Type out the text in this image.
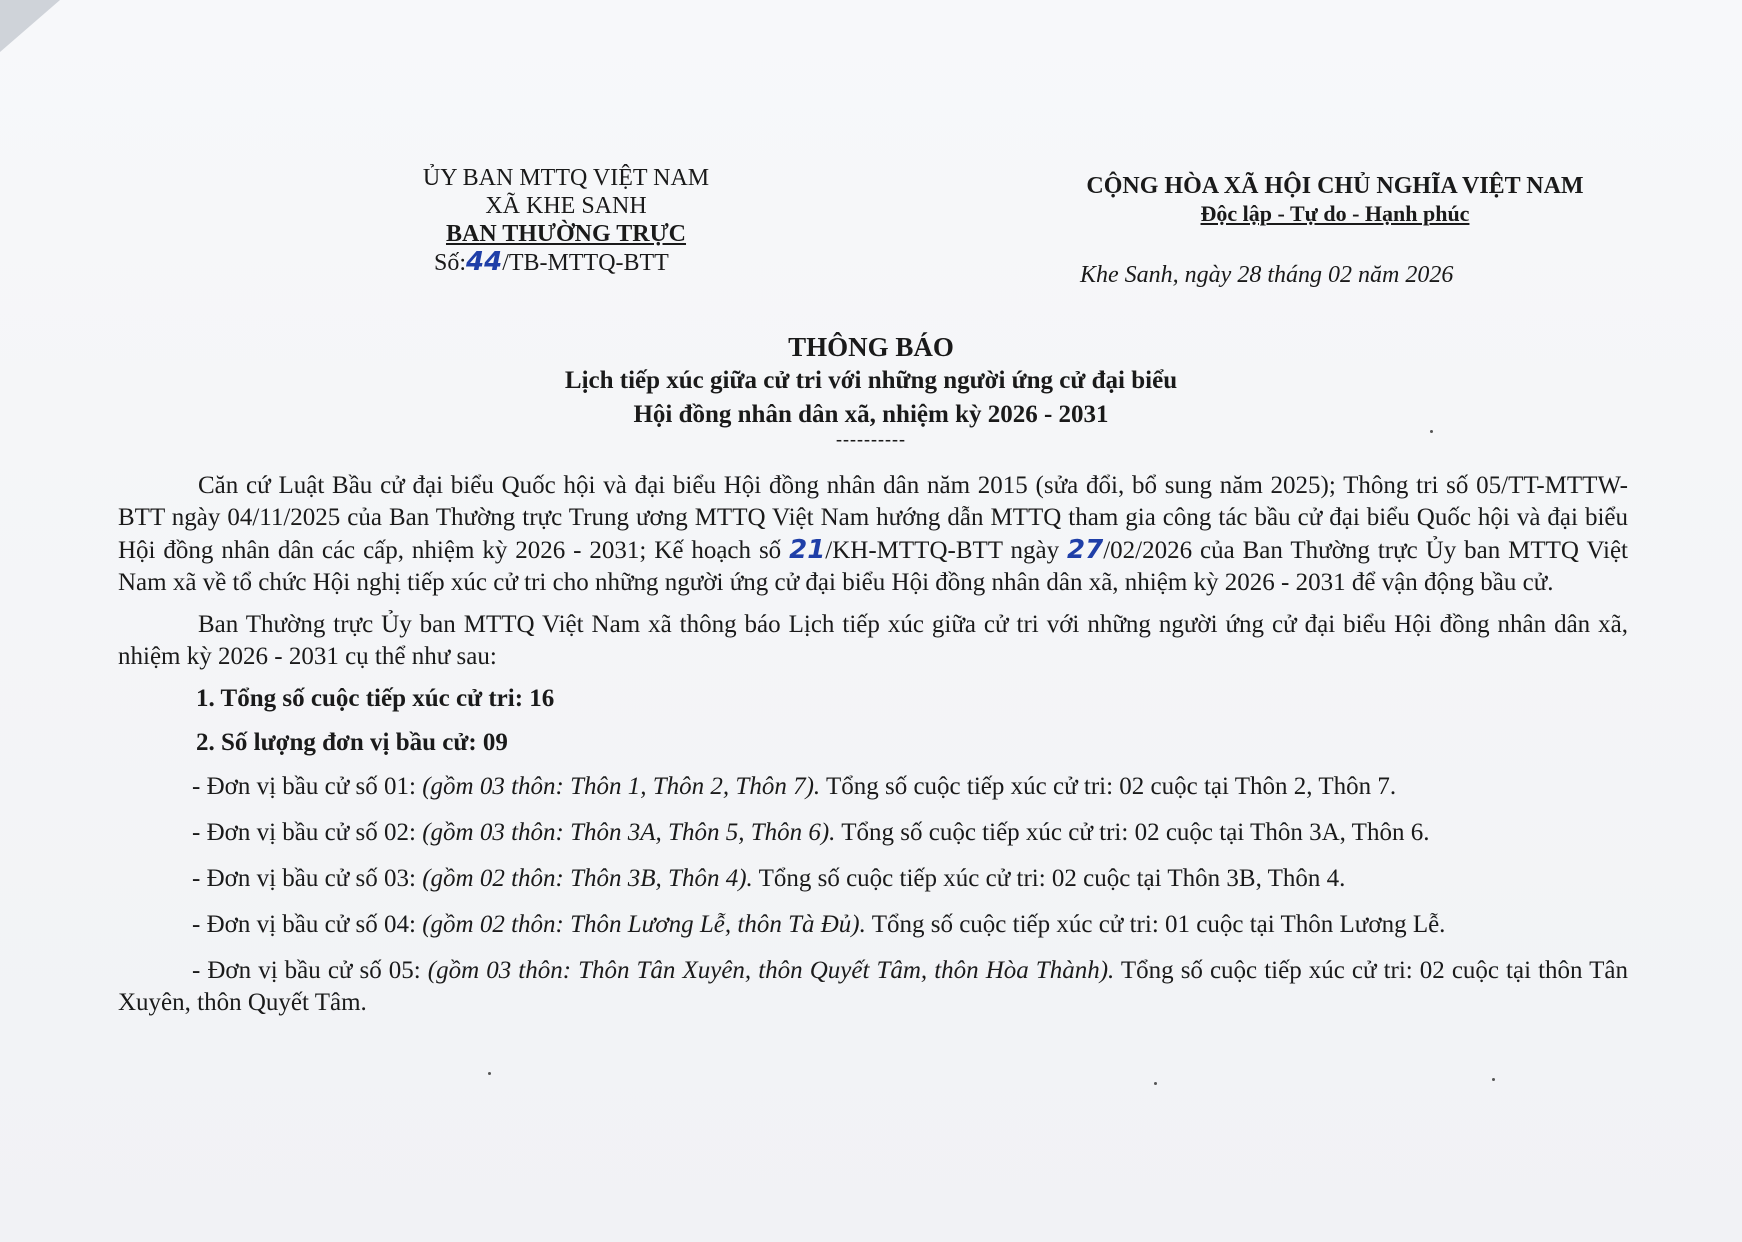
ỦY BAN MTTQ VIỆT NAM
XÃ KHE SANH
BAN THƯỜNG TRỰC
Số:44/TB-MTTQ-BTT
CỘNG HÒA XÃ HỘI CHỦ NGHĨA VIỆT NAM
Độc lập - Tự do - Hạnh phúc
Khe Sanh, ngày 28 tháng 02 năm 2026
THÔNG BÁO
Lịch tiếp xúc giữa cử tri với những người ứng cử đại biểu
Hội đồng nhân dân xã, nhiệm kỳ 2026 - 2031
----------

Căn cứ Luật Bầu cử đại biểu Quốc hội và đại biểu Hội đồng nhân dân năm 2015 (sửa đổi, bổ sung năm 2025); Thông tri số 05/TT-MTTW-BTT ngày 04/11/2025 của Ban Thường trực Trung ương MTTQ Việt Nam hướng dẫn MTTQ tham gia công tác bầu cử đại biểu Quốc hội và đại biểu Hội đồng nhân dân các cấp, nhiệm kỳ 2026 - 2031; Kế hoạch số 21/KH-MTTQ-BTT ngày 27/02/2026 của Ban Thường trực Ủy ban MTTQ Việt Nam xã về tổ chức Hội nghị tiếp xúc cử tri cho những người ứng cử đại biểu Hội đồng nhân dân xã, nhiệm kỳ 2026 - 2031 để vận động bầu cử.

Ban Thường trực Ủy ban MTTQ Việt Nam xã thông báo Lịch tiếp xúc giữa cử tri với những người ứng cử đại biểu Hội đồng nhân dân xã, nhiệm kỳ 2026 - 2031 cụ thể như sau:

1. Tổng số cuộc tiếp xúc cử tri: 16
2. Số lượng đơn vị bầu cử: 09
- Đơn vị bầu cử số 01: (gồm 03 thôn: Thôn 1, Thôn 2, Thôn 7). Tổng số cuộc tiếp xúc cử tri: 02 cuộc tại Thôn 2, Thôn 7.
- Đơn vị bầu cử số 02: (gồm 03 thôn: Thôn 3A, Thôn 5, Thôn 6). Tổng số cuộc tiếp xúc cử tri: 02 cuộc tại Thôn 3A, Thôn 6.
- Đơn vị bầu cử số 03: (gồm 02 thôn: Thôn 3B, Thôn 4). Tổng số cuộc tiếp xúc cử tri: 02 cuộc tại Thôn 3B, Thôn 4.
- Đơn vị bầu cử số 04: (gồm 02 thôn: Thôn Lương Lễ, thôn Tà Đủ). Tổng số cuộc tiếp xúc cử tri: 01 cuộc tại Thôn Lương Lễ.
- Đơn vị bầu cử số 05: (gồm 03 thôn: Thôn Tân Xuyên, thôn Quyết Tâm, thôn Hòa Thành). Tổng số cuộc tiếp xúc cử tri: 02 cuộc tại thôn Tân Xuyên, thôn Quyết Tâm.
